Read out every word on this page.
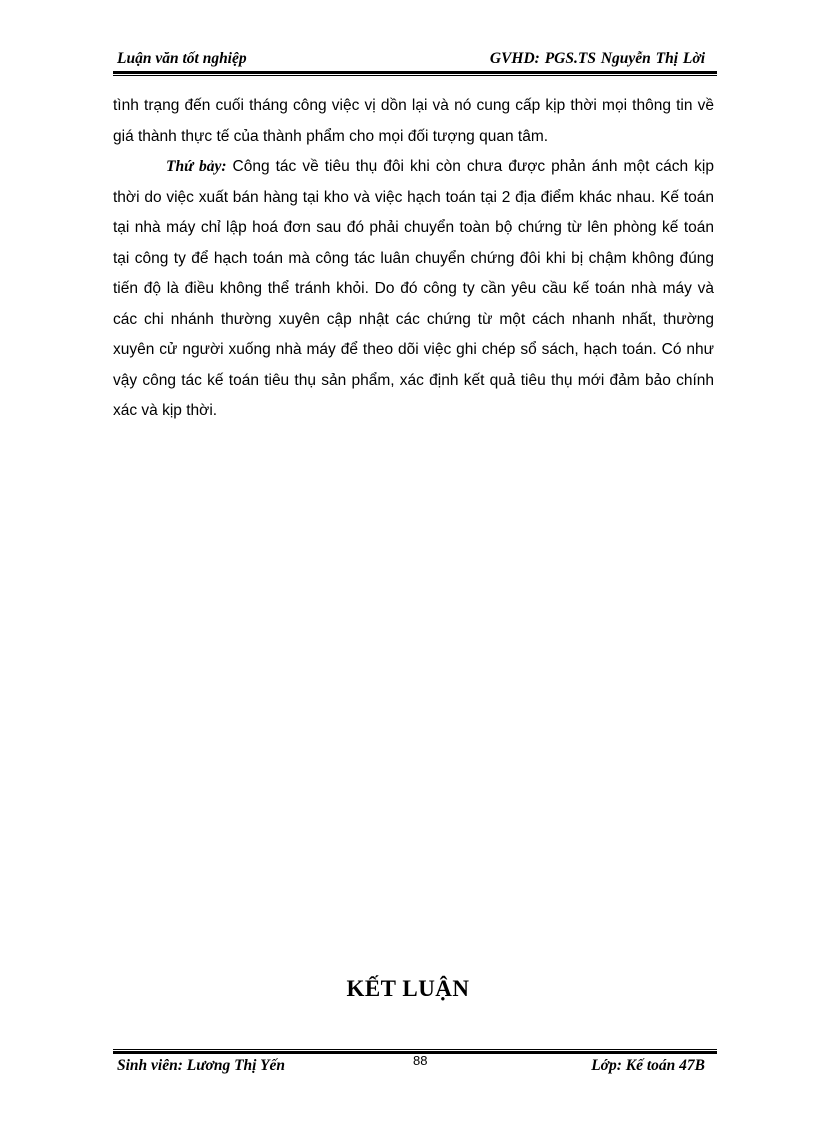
Luận văn tốt nghiệp	GVHD: PGS.TS Nguyễn Thị Lời

tình trạng đến cuối tháng công việc vị dồn lại và nó cung cấp kịp thời mọi thông tin về giá thành thực tế của thành phẩm cho mọi đối tượng quan tâm.

Thứ bảy: Công tác về tiêu thụ đôi khi còn chưa được phản ánh một cách kịp thời do việc xuất bán hàng tại kho và việc hạch toán tại 2 địa điểm khác nhau. Kế toán tại nhà máy chỉ lập hoá đơn sau đó phải chuyển toàn bộ chứng từ lên phòng kế toán tại công ty để hạch toán mà công tác luân chuyển chứng đôi khi bị chậm không đúng tiến độ là điều không thể tránh khỏi. Do đó công ty cần yêu cầu kế toán nhà máy và các chi nhánh thường xuyên cập nhật các chứng từ một cách nhanh nhất, thường xuyên cử người xuống nhà máy để theo dõi việc ghi chép sổ sách, hạch toán. Có như vậy công tác kế toán tiêu thụ sản phẩm, xác định kết quả tiêu thụ mới đảm bảo chính xác và kịp thời.

KẾT LUẬN
Sinh viên: Lương Thị Yến	88	Lớp: Kế toán 47B
